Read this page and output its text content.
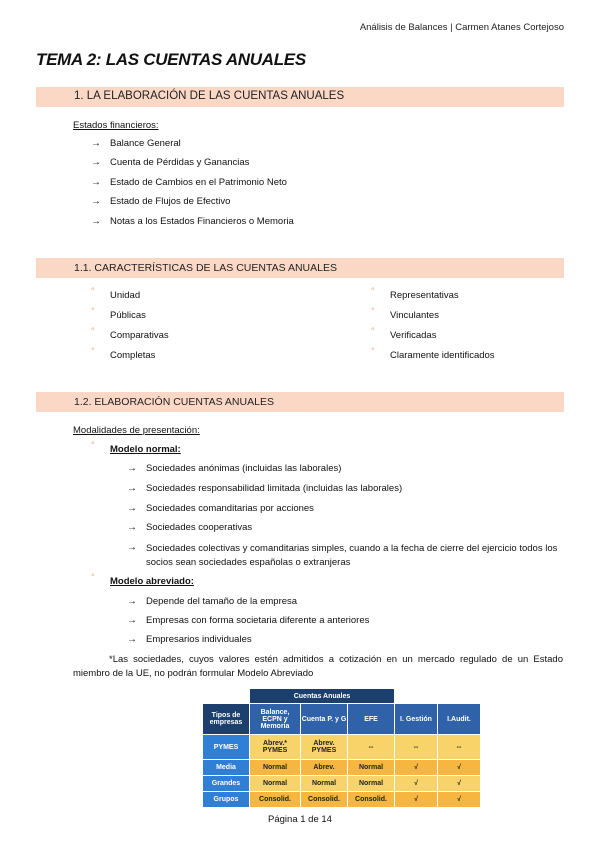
Análisis de Balances | Carmen Atanes Cortejoso
TEMA 2: LAS CUENTAS ANUALES
1. LA ELABORACIÓN DE LAS CUENTAS ANUALES
Estados financieros:
→ Balance General
→ Cuenta de Pérdidas y Ganancias
→ Estado de Cambios en el Patrimonio Neto
→ Estado de Flujos de Efectivo
→ Notas a los Estados Financieros o Memoria
1.1. CARACTERÍSTICAS DE LAS CUENTAS ANUALES
° Unidad
° Públicas
° Comparativas
° Completas
° Representativas
° Vinculantes
° Verificadas
° Claramente identificados
1.2. ELABORACIÓN CUENTAS ANUALES
Modalidades de presentación:
° Modelo normal:
→ Sociedades anónimas (incluidas las laborales)
→ Sociedades responsabilidad limitada (incluidas las laborales)
→ Sociedades comanditarias por acciones
→ Sociedades cooperativas
→ Sociedades colectivas y comanditarias simples, cuando a la fecha de cierre del ejercicio todos los socios sean sociedades españolas o extranjeras
° Modelo abreviado:
→ Depende del tamaño de la empresa
→ Empresas con forma societaria diferente a anteriores
→ Empresarios individuales
*Las sociedades, cuyos valores estén admitidos a cotización en un mercado regulado de un Estado miembro de la UE, no podrán formular Modelo Abreviado
	Cuentas Anuales				
Tipos de empresas	Balance, ECPN y Memoria	Cuenta P. y G	EFE	I. Gestión	I.Audit.
PYMES	Abrev.* PYMES	Abrev. PYMES	--	--	--
Media	Normal	Abrev.	Normal	√	√
Grandes	Normal	Normal	Normal	√	√
Grupos	Consolid.	Consolid.	Consolid.	√	√
Página 1 de 14
